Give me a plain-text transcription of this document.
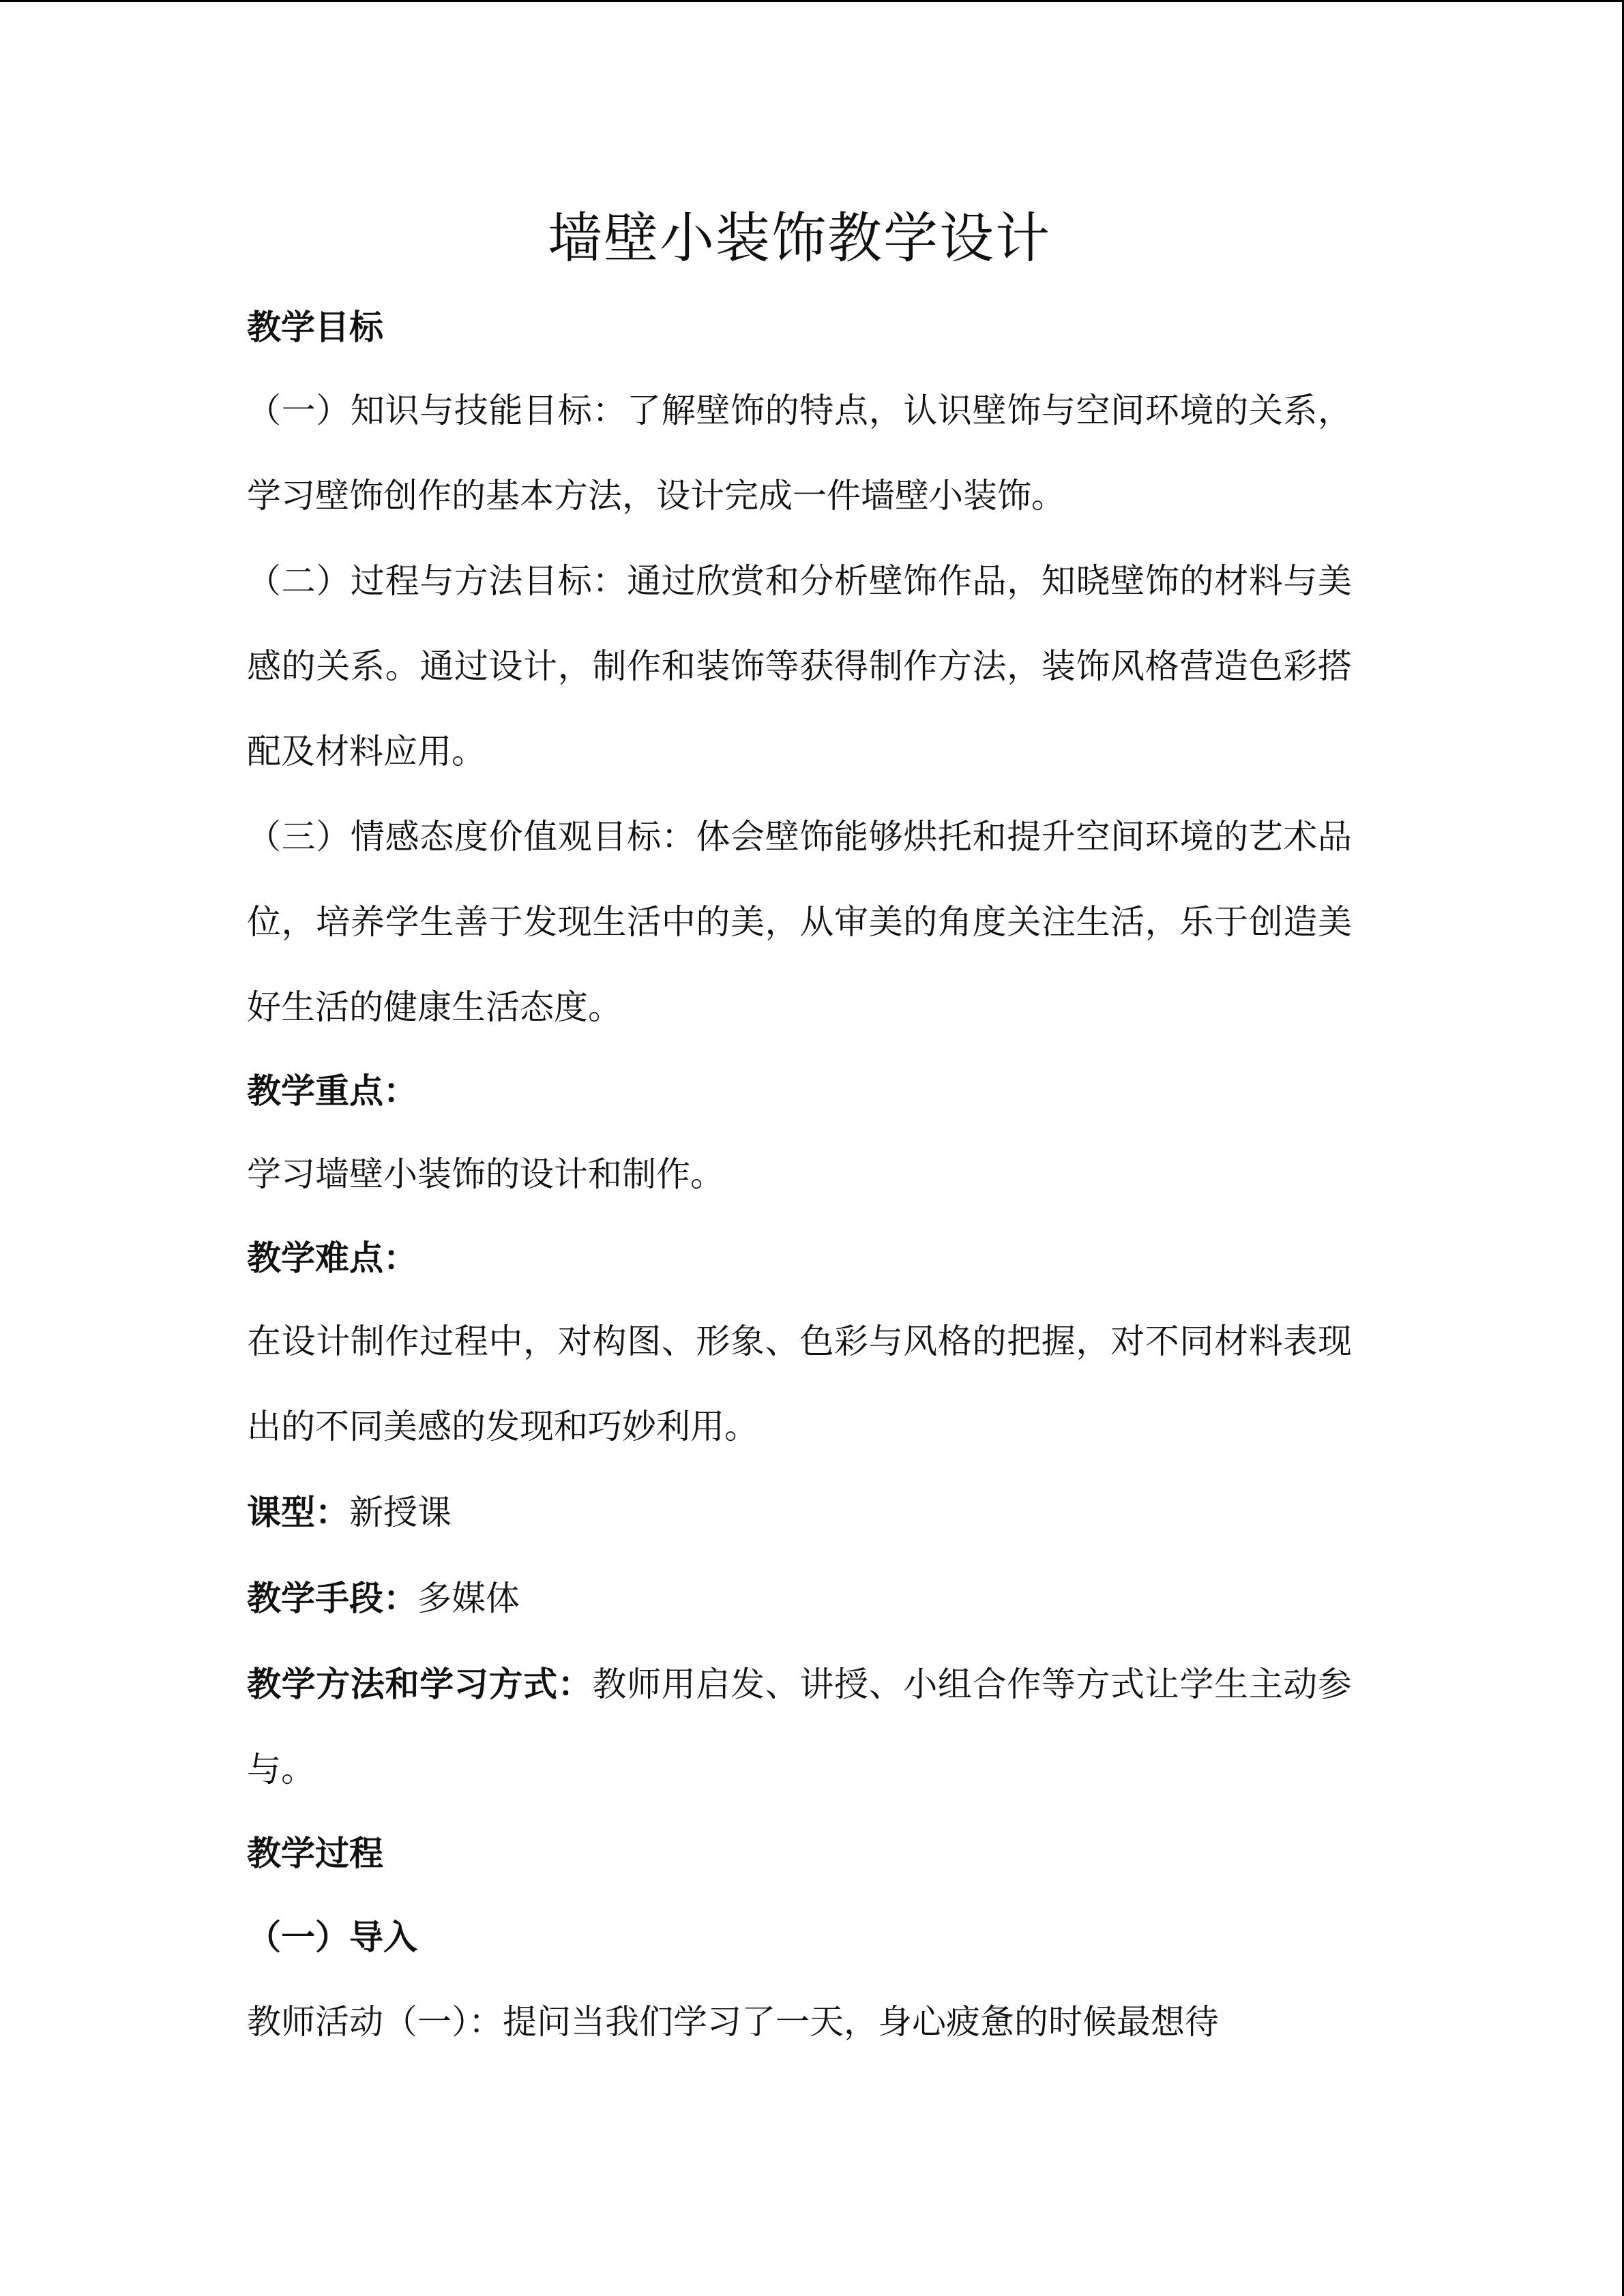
墙壁小装饰教学设计

教学目标

（一）知识与技能目标：了解壁饰的特点，认识壁饰与空间环境的关系，学习壁饰创作的基本方法，设计完成一件墙壁小装饰。

（二）过程与方法目标：通过欣赏和分析壁饰作品，知晓壁饰的材料与美感的关系。通过设计，制作和装饰等获得制作方法，装饰风格营造色彩搭配及材料应用。

（三）情感态度价值观目标：体会壁饰能够烘托和提升空间环境的艺术品位，培养学生善于发现生活中的美，从审美的角度关注生活，乐于创造美好生活的健康生活态度。

教学重点：

学习墙壁小装饰的设计和制作。

教学难点：

在设计制作过程中，对构图、形象、色彩与风格的把握，对不同材料表现出的不同美感的发现和巧妙利用。

课型：新授课

教学手段：多媒体

教学方法和学习方式：教师用启发、讲授、小组合作等方式让学生主动参与。

教学过程

（一）导入

教师活动（一）：提问当我们学习了一天，身心疲惫的时候最想待
